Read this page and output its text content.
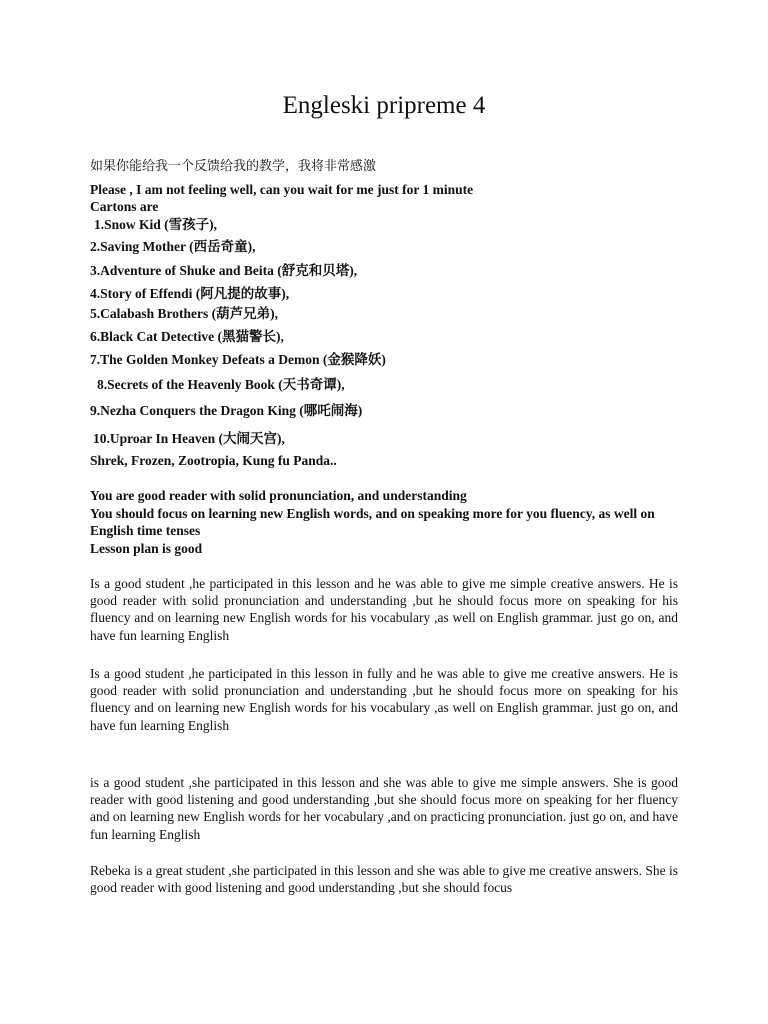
Engleski pripreme 4
如果你能给我一个反馈给我的教学，我将非常感激
Please , I am not feeling well, can you wait for me just for 1 minute
Cartons are
1.Snow Kid (雪孩子),
2.Saving Mother (西岳奇童),
3.Adventure of Shuke and Beita (舒克和贝塔),
4.Story of Effendi (阿凡提的故事),
5.Calabash Brothers (葫芦兄弟),
6.Black Cat Detective (黑猫警长),
7.The Golden Monkey Defeats a Demon (金猴降妖)
8.Secrets of the Heavenly Book (天书奇谭),
9.Nezha Conquers the Dragon King (哪吒闹海)
10.Uproar In Heaven (大闹天宫),
Shrek, Frozen, Zootropia, Kung fu Panda..
You are good reader with solid pronunciation, and understanding
You should focus on learning new English words, and on speaking more for you fluency, as well on English time tenses
Lesson plan is good
Is a good student ,he participated in this lesson and he was able to give me simple creative answers. He is good reader with solid pronunciation and understanding ,but he should focus more on speaking for his fluency and on learning new English words for his vocabulary ,as well on English grammar. just go on, and have fun learning English
Is a good student ,he participated in this lesson in fully and he was able to give me creative answers. He is good reader with solid pronunciation and understanding ,but he should focus more on speaking for his fluency and on learning new English words for his vocabulary ,as well on English grammar. just go on, and have fun learning English
is a good student ,she participated in this lesson and she was able to give me simple answers. She is good reader with good listening and good understanding ,but she should focus more on speaking for her fluency and on learning new English words for her vocabulary ,and on practicing pronunciation. just go on, and have fun learning English
Rebeka is a great student ,she participated in this lesson and she was able to give me creative answers. She is good reader with good listening and good understanding ,but she should focus
